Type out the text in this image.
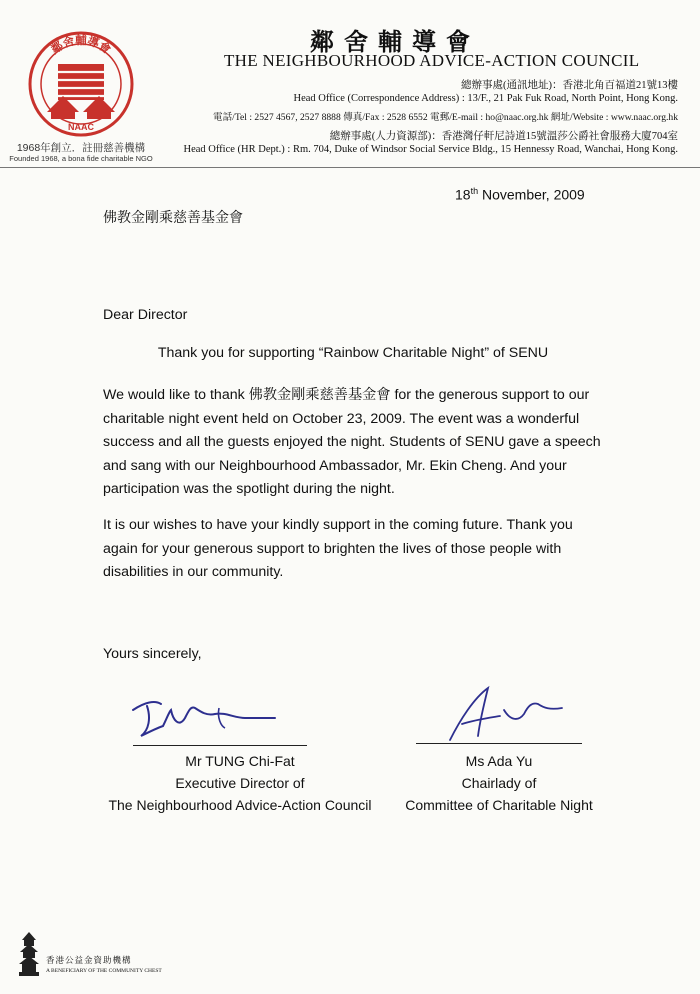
鄰舍輔導會
NAAC
1968年創立．註冊慈善機構
Founded 1968, a bona fide charitable NGO
鄰舍輔導會
THE NEIGHBOURHOOD ADVICE-ACTION COUNCIL
總辦事處(通訊地址)：香港北角百福道21號13樓
Head Office (Correspondence Address) : 13/F., 21 Pak Fuk Road, North Point, Hong Kong.
電話/Tel : 2527 4567, 2527 8888 傳真/Fax : 2528 6552 電郵/E-mail : ho@naac.org.hk 網址/Website : www.naac.org.hk
總辦事處(人力資源部)：香港灣仔軒尼詩道15號溫莎公爵社會服務大廈704室
Head Office (HR Dept.) : Rm. 704, Duke of Windsor Social Service Bldg., 15 Hennessy Road, Wanchai, Hong Kong.
18th November, 2009
佛教金剛乘慈善基金會
Dear Director
Thank you for supporting “Rainbow Charitable Night” of SENU
We would like to thank 佛教金剛乘慈善基金會 for the generous support to our charitable night event held on October 23, 2009. The event was a wonderful success and all the guests enjoyed the night. Students of SENU gave a speech and sang with our Neighbourhood Ambassador, Mr. Ekin Cheng. And your participation was the spotlight during the night.
It is our wishes to have your kindly support in the coming future. Thank you again for your generous support to brighten the lives of those people with disabilities in our community.
Yours sincerely,
Mr TUNG Chi-Fat
Executive Director of
The Neighbourhood Advice-Action Council
Ms Ada Yu
Chairlady of
Committee of Charitable Night
香港公益金資助機構
A BENEFICIARY OF THE COMMUNITY CHEST
